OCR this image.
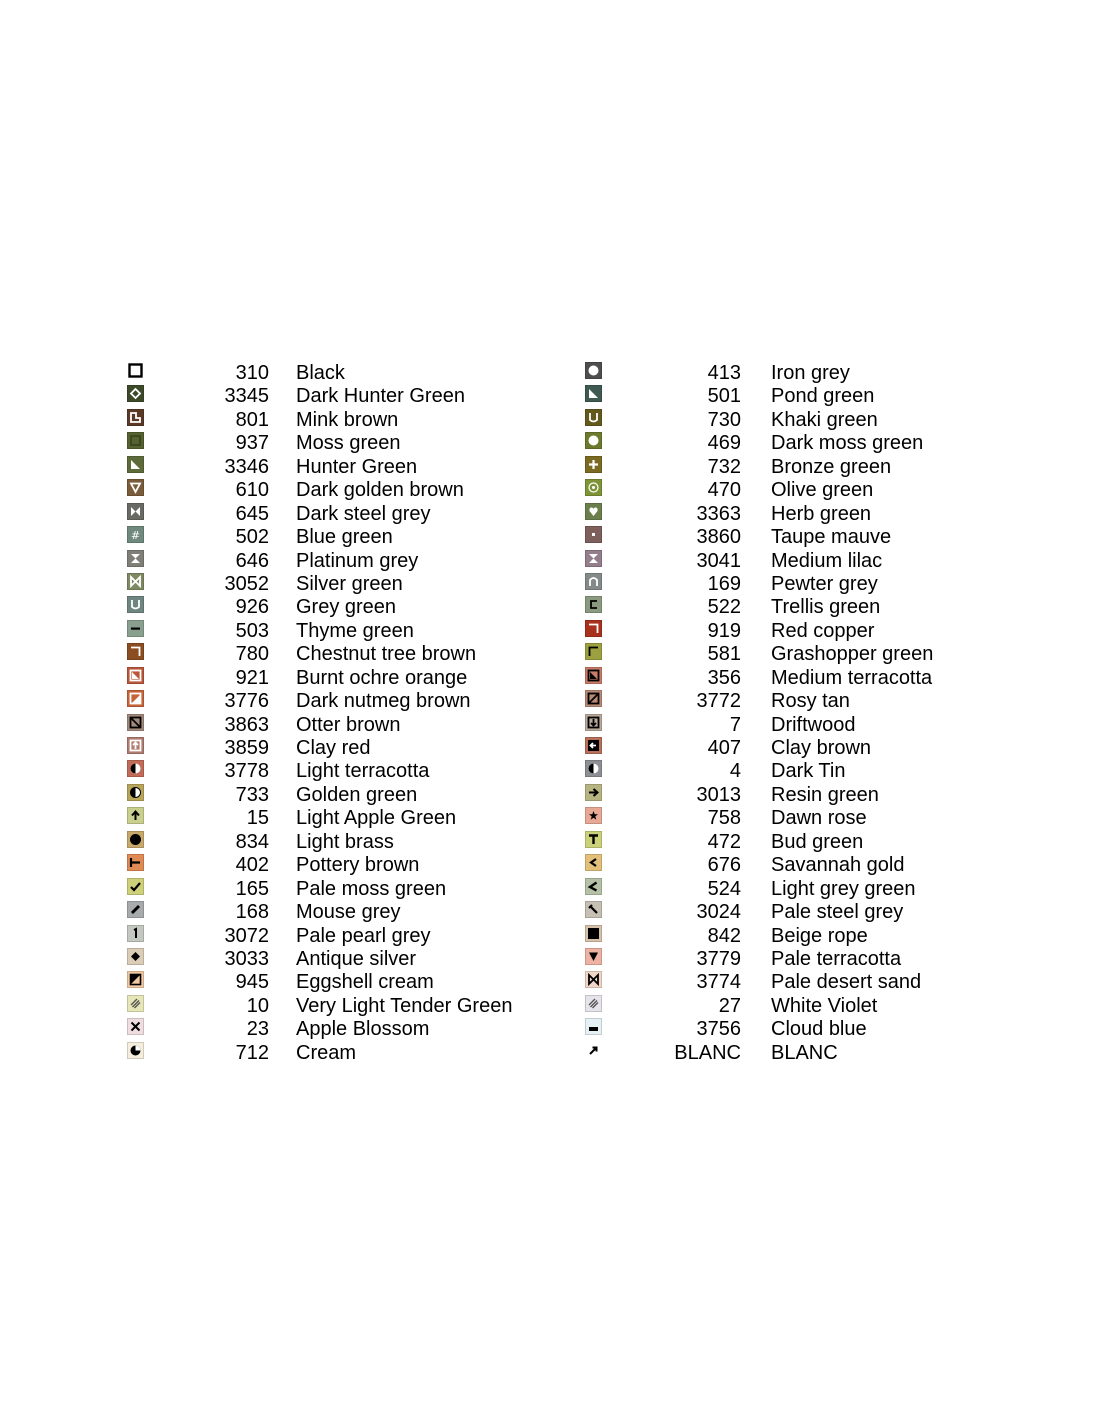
310 Black
3345 Dark Hunter Green
801 Mink brown
937 Moss green
3346 Hunter Green
610 Dark golden brown
645 Dark steel grey
#	502 Blue green
646 Platinum grey
3052 Silver green
926 Grey green
503 Thyme green
780 Chestnut tree brown
921 Burnt ochre orange
3776 Dark nutmeg brown
3863 Otter brown
3859 Clay red
3778 Light terracotta
733 Golden green
15 Light Apple Green
834 Light brass
402 Pottery brown
165 Pale moss green
168 Mouse grey
3072 Pale pearl grey
3033 Antique silver
945 Eggshell cream
10 Very Light Tender Green
23 Apple Blossom
712 Cream
413 Iron grey
501 Pond green
730 Khaki green
469 Dark moss green
732 Bronze green
470 Olive green
3363 Herb green
3860 Taupe mauve
3041 Medium lilac
169 Pewter grey
522 Trellis green
919 Red copper
581 Grashopper green
356 Medium terracotta
3772 Rosy tan
7 Driftwood
407 Clay brown
4 Dark Tin
3013 Resin green
758 Dawn rose
472 Bud green
676 Savannah gold
524 Light grey green
3024 Pale steel grey
842 Beige rope
3779 Pale terracotta
3774 Pale desert sand
27 White Violet
3756 Cloud blue
BLANC BLANC
